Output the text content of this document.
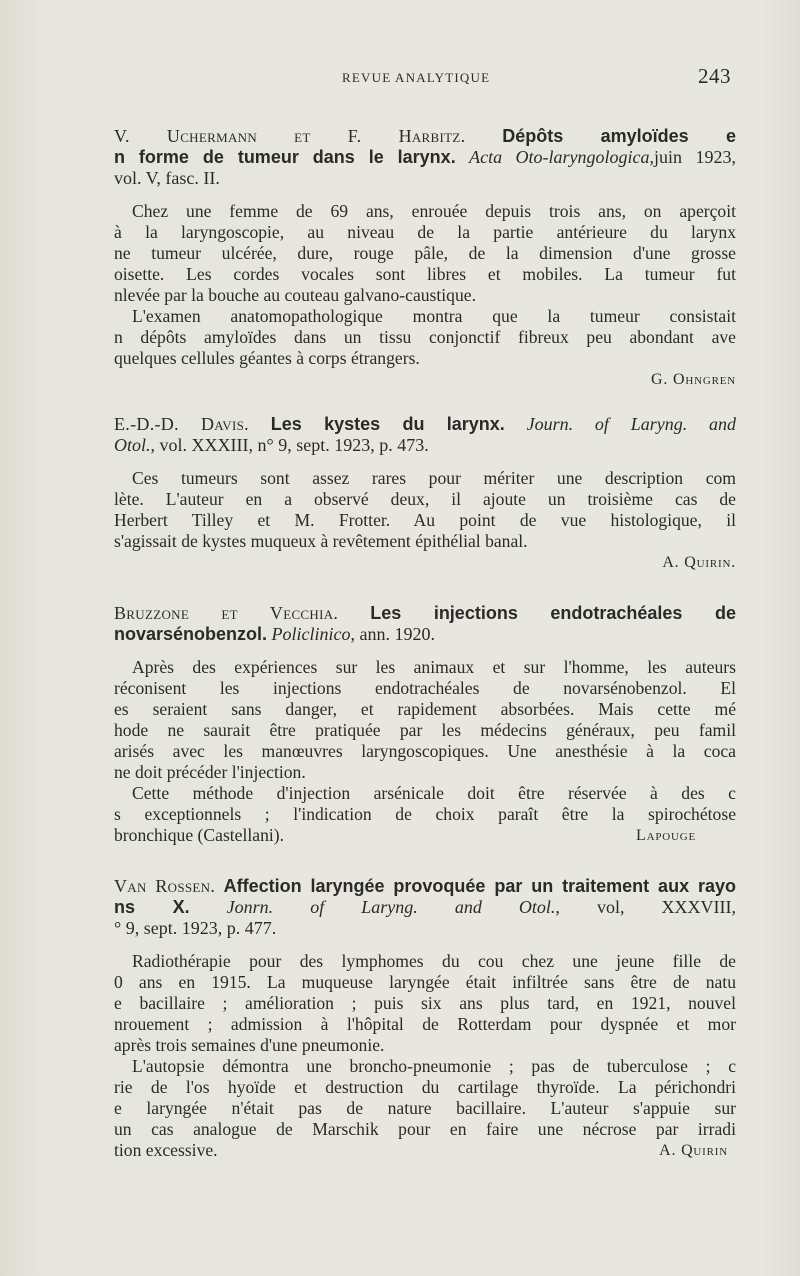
REVUE ANALYTIQUE	243
V. Uchermann et F. Harbitz. Dépôts amyloïdes e
n forme de tumeur dans le larynx. Acta Oto-laryngologica,juin 1923,
vol. V, fasc. II.
Chez une femme de 69 ans, enrouée depuis trois ans, on aperçoit
à la laryngoscopie, au niveau de la partie antérieure du larynx
ne tumeur ulcérée, dure, rouge pâle, de la dimension d'une grosse
oisette. Les cordes vocales sont libres et mobiles. La tumeur fut
nlevée par la bouche au couteau galvano-caustique.
L'examen anatomopathologique montra que la tumeur consistait
n dépôts amyloïdes dans un tissu conjonctif fibreux peu abondant ave
quelques cellules géantes à corps étrangers.
G. Ohngren
E.-D.-D. Davis. Les kystes du larynx. Journ. of Laryng. and
Otol., vol. XXXIII, n° 9, sept. 1923, p. 473.
Ces tumeurs sont assez rares pour mériter une description com
lète. L'auteur en a observé deux, il ajoute un troisième cas de
Herbert Tilley et M. Frotter. Au point de vue histologique, il
s'agissait de kystes muqueux à revêtement épithélial banal.
A. Quirin.
Bruzzone et Vecchia. Les injections endotrachéales de
novarsénobenzol. Policlinico, ann. 1920.
Après des expériences sur les animaux et sur l'homme, les auteurs
réconisent les injections endotrachéales de novarsénobenzol. El
es seraient sans danger, et rapidement absorbées. Mais cette mé
hode ne saurait être pratiquée par les médecins généraux, peu famil
arisés avec les manœuvres laryngoscopiques. Une anesthésie à la coca
ne doit précéder l'injection.
Cette méthode d'injection arsénicale doit être réservée à des c
s exceptionnels ; l'indication de choix paraît être la spirochétose
bronchique (Castellani).	Lapouge
Van Rossen. Affection laryngée provoquée par un traitement aux rayo
ns X. Jonrn. of Laryng. and Otol., vol, XXXVIII,
° 9, sept. 1923, p. 477.
Radiothérapie pour des lymphomes du cou chez une jeune fille de
0 ans en 1915. La muqueuse laryngée était infiltrée sans être de natu
e bacillaire ; amélioration ; puis six ans plus tard, en 1921, nouvel
nrouement ; admission à l'hôpital de Rotterdam pour dyspnée et mor
après trois semaines d'une pneumonie.
L'autopsie démontra une broncho-pneumonie ; pas de tuberculose ; c
rie de l'os hyoïde et destruction du cartilage thyroïde. La périchondri
e laryngée n'était pas de nature bacillaire. L'auteur s'appuie sur
un cas analogue de Marschik pour en faire une nécrose par irradi
tion excessive.	A. Quirin
